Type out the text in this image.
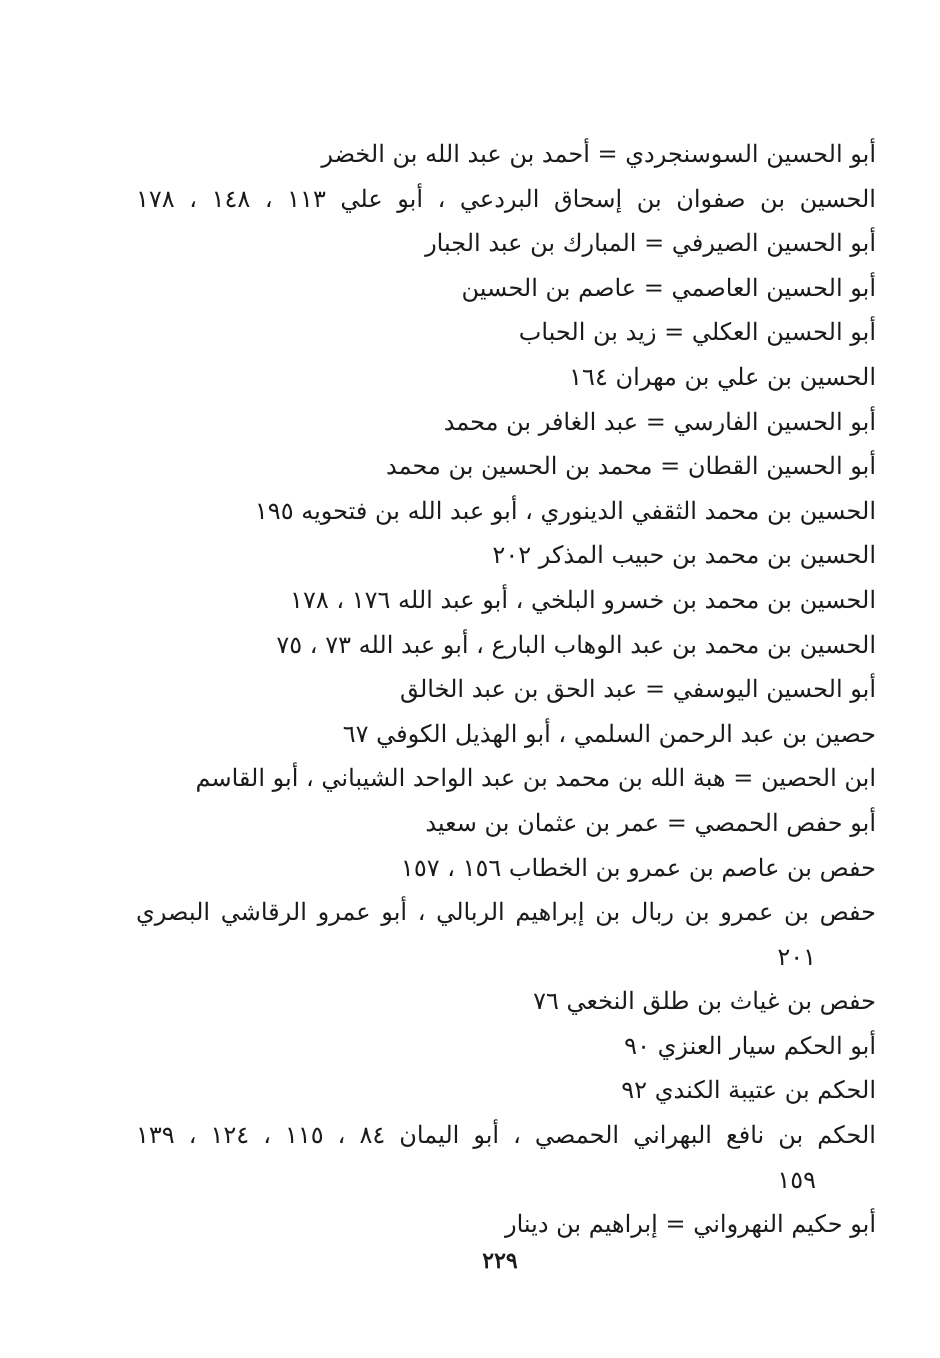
أبو الحسين السوسنجردي = أحمد بن عبد الله بن الخضر
الحسين بن صفوان بن إسحاق البردعي ، أبو علي ١١٣ ، ١٤٨ ، ١٧٨
أبو الحسين الصيرفي = المبارك بن عبد الجبار
أبو الحسين العاصمي = عاصم بن الحسين
أبو الحسين العكلي = زيد بن الحباب
الحسين بن علي بن مهران ١٦٤
أبو الحسين الفارسي = عبد الغافر بن محمد
أبو الحسين القطان = محمد بن الحسين بن محمد
الحسين بن محمد الثقفي الدينوري ، أبو عبد الله بن فتحويه ١٩٥
الحسين بن محمد بن حبيب المذكر ٢٠٢
الحسين بن محمد بن خسرو البلخي ، أبو عبد الله ١٧٦ ، ١٧٨
الحسين بن محمد بن عبد الوهاب البارع ، أبو عبد الله ٧٣ ، ٧٥
أبو الحسين اليوسفي = عبد الحق بن عبد الخالق
حصين بن عبد الرحمن السلمي ، أبو الهذيل الكوفي ٦٧
ابن الحصين = هبة الله بن محمد بن عبد الواحد الشيباني ، أبو القاسم
أبو حفص الحمصي = عمر بن عثمان بن سعيد
حفص بن عاصم بن عمرو بن الخطاب ١٥٦ ، ١٥٧
حفص بن عمرو بن ربال بن إبراهيم الربالي ، أبو عمرو الرقاشي البصري
٢٠١
حفص بن غياث بن طلق النخعي ٧٦
أبو الحكم سيار العنزي ٩٠
الحكم بن عتيبة الكندي ٩٢
الحكم بن نافع البهراني الحمصي ، أبو اليمان ٨٤ ، ١١٥ ، ١٢٤ ، ١٣٩
١٥٩
أبو حكيم النهرواني = إبراهيم بن دينار
٢٢٩
